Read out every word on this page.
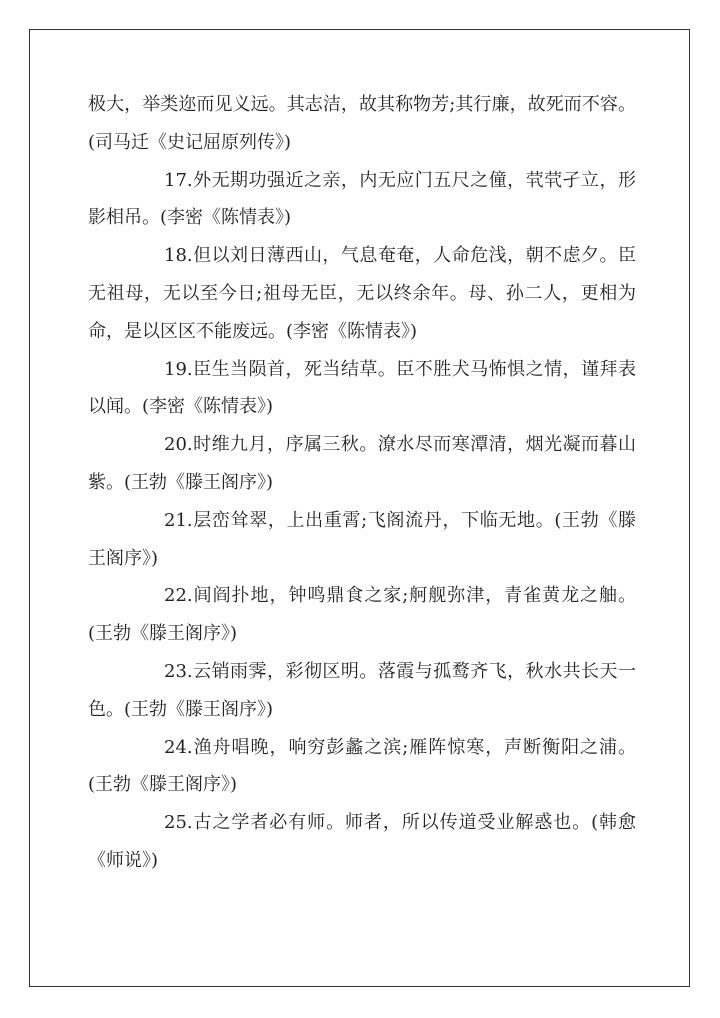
极大，举类迩而见义远。其志洁，故其称物芳;其行廉，故死而不容。(司马迁《史记屈原列传》)

17.外无期功强近之亲，内无应门五尺之僮，茕茕孑立，形影相吊。(李密《陈情表》)

18.但以刘日薄西山，气息奄奄，人命危浅，朝不虑夕。臣无祖母，无以至今日;祖母无臣，无以终余年。母、孙二人，更相为命，是以区区不能废远。(李密《陈情表》)

19.臣生当陨首，死当结草。臣不胜犬马怖惧之情，谨拜表以闻。(李密《陈情表》)

20.时维九月，序属三秋。潦水尽而寒潭清，烟光凝而暮山紫。(王勃《滕王阁序》)

21.层峦耸翠，上出重霄;飞阁流丹，下临无地。(王勃《滕王阁序》)

22.闾阎扑地，钟鸣鼎食之家;舸舰弥津，青雀黄龙之舳。(王勃《滕王阁序》)

23.云销雨霁，彩彻区明。落霞与孤鹜齐飞，秋水共长天一色。(王勃《滕王阁序》)

24.渔舟唱晚，响穷彭蠡之滨;雁阵惊寒，声断衡阳之浦。(王勃《滕王阁序》)

25.古之学者必有师。师者，所以传道受业解惑也。(韩愈《师说》)
